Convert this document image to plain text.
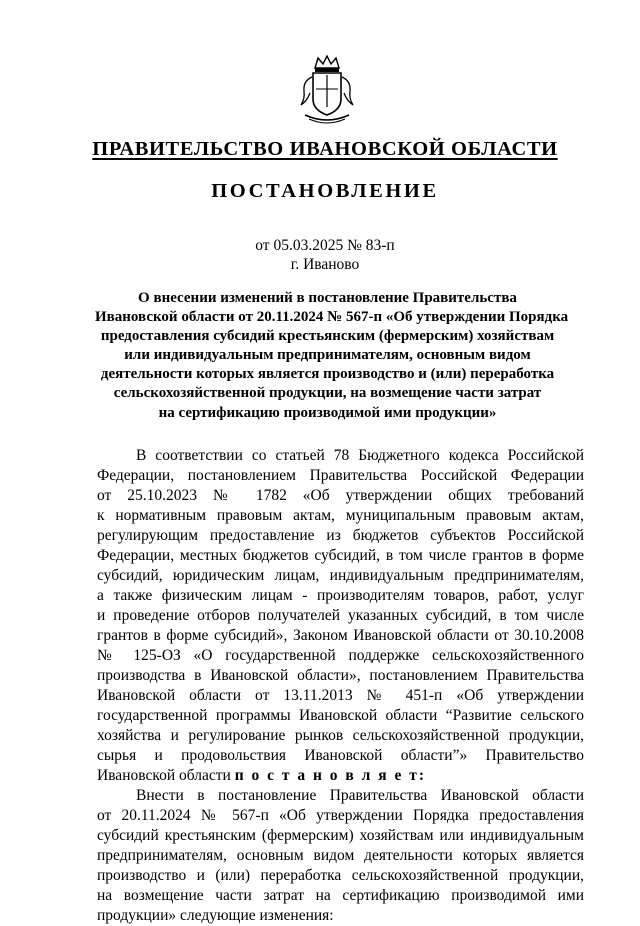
ПРАВИТЕЛЬСТВО ИВАНОВСКОЙ ОБЛАСТИ
ПОСТАНОВЛЕНИЕ
от 05.03.2025 № 83-п
г. Иваново
О внесении изменений в постановление Правительства
Ивановской области от 20.11.2024 № 567-п «Об утверждении Порядка
предоставления субсидий крестьянским (фермерским) хозяйствам
или индивидуальным предпринимателям, основным видом
деятельности которых является производство и (или) переработка
сельскохозяйственной продукции, на возмещение части затрат
на сертификацию производимой ими продукции»
В соответствии со статьей 78 Бюджетного кодекса Российской
Федерации, постановлением Правительства Российской Федерации
от 25.10.2023 № 1782 «Об утверждении общих требований
к нормативным правовым актам, муниципальным правовым актам,
регулирующим предоставление из бюджетов субъектов Российской
Федерации, местных бюджетов субсидий, в том числе грантов в форме
субсидий, юридическим лицам, индивидуальным предпринимателям,
а также физическим лицам - производителям товаров, работ, услуг
и проведение отборов получателей указанных субсидий, в том числе
грантов в форме субсидий», Законом Ивановской области от 30.10.2008
№ 125-ОЗ «О государственной поддержке сельскохозяйственного
производства в Ивановской области», постановлением Правительства
Ивановской области от 13.11.2013 № 451-п «Об утверждении
государственной программы Ивановской области “Развитие сельского
хозяйства и регулирование рынков сельскохозяйственной продукции,
сырья и продовольствия Ивановской области”» Правительство
Ивановской области п о с т а н о в л я е т:
Внести в постановление Правительства Ивановской области
от 20.11.2024 № 567-п «Об утверждении Порядка предоставления
субсидий крестьянским (фермерским) хозяйствам или индивидуальным
предпринимателям, основным видом деятельности которых является
производство и (или) переработка сельскохозяйственной продукции,
на возмещение части затрат на сертификацию производимой ими
продукции» следующие изменения:
